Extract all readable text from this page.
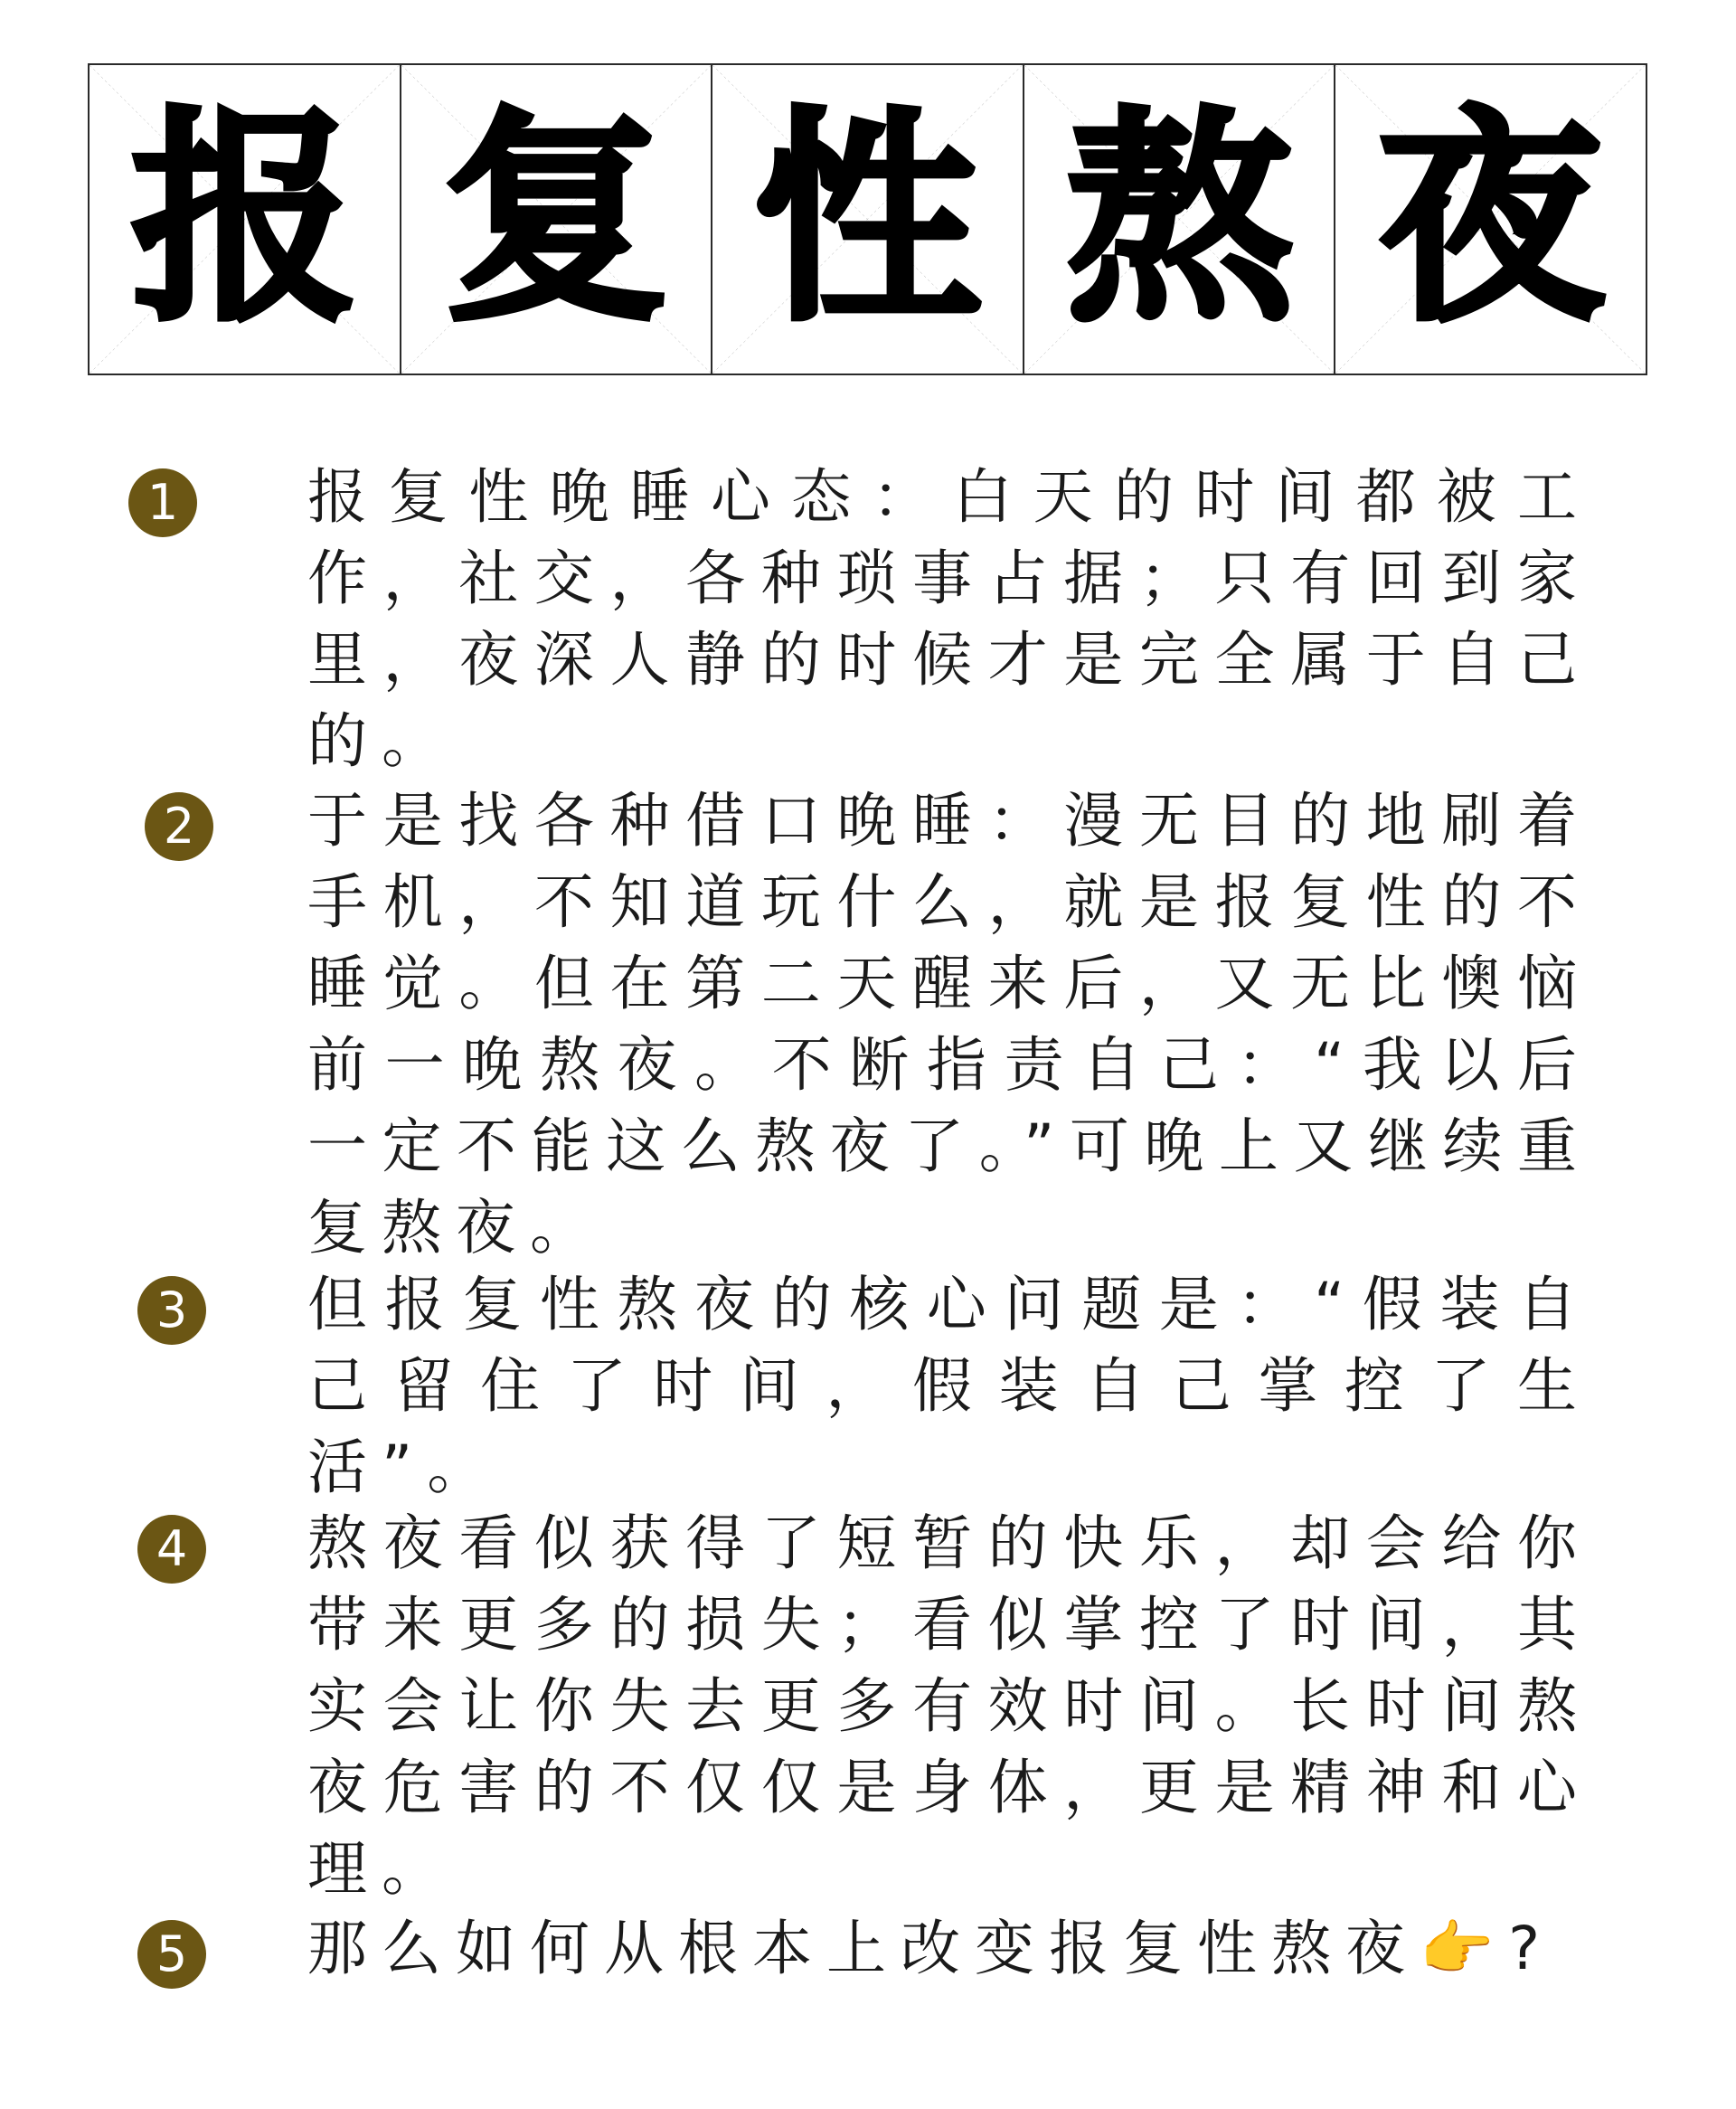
报 复 性 熬 夜
1	报复性晚睡心态：白天的时间都被工作，社交，各种琐事占据；只有回到家里，夜深人静的时候才是完全属于自己的。

2	于是找各种借口晚睡：漫无目的地刷着手机，不知道玩什么，就是报复性的不睡觉。但在第二天醒来后，又无比懊恼前一晚熬夜。不断指责自己：“我以后一定不能这么熬夜了。”可晚上又继续重复熬夜。

3	但报复性熬夜的核心问题是：“假装自己留住了时间，假装自己掌控了生活”。

4	熬夜看似获得了短暂的快乐，却会给你带来更多的损失；看似掌控了时间，其实会让你失去更多有效时间。长时间熬夜危害的不仅仅是身体，更是精神和心理。

5	那么如何从根本上改变报复性熬夜👉?
